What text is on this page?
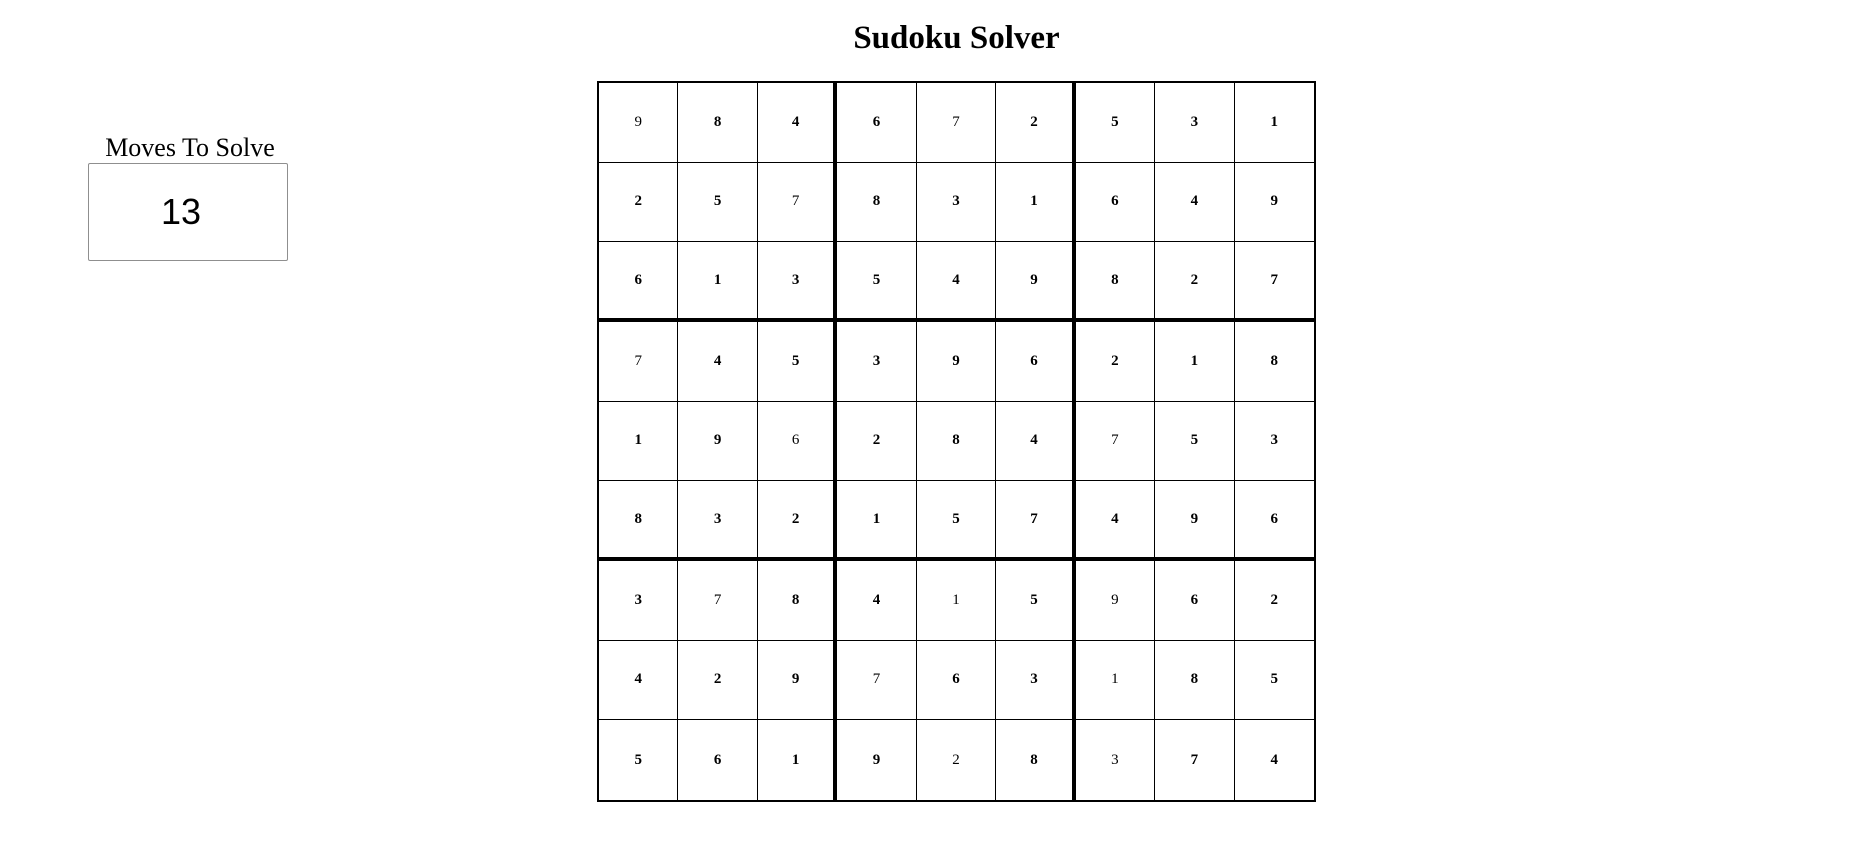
Sudoku Solver
Moves To Solve
13
9	8	4	6	7	2	5	3	1
2	5	7	8	3	1	6	4	9
6	1	3	5	4	9	8	2	7
7	4	5	3	9	6	2	1	8
1	9	6	2	8	4	7	5	3
8	3	2	1	5	7	4	9	6
3	7	8	4	1	5	9	6	2
4	2	9	7	6	3	1	8	5
5	6	1	9	2	8	3	7	4
